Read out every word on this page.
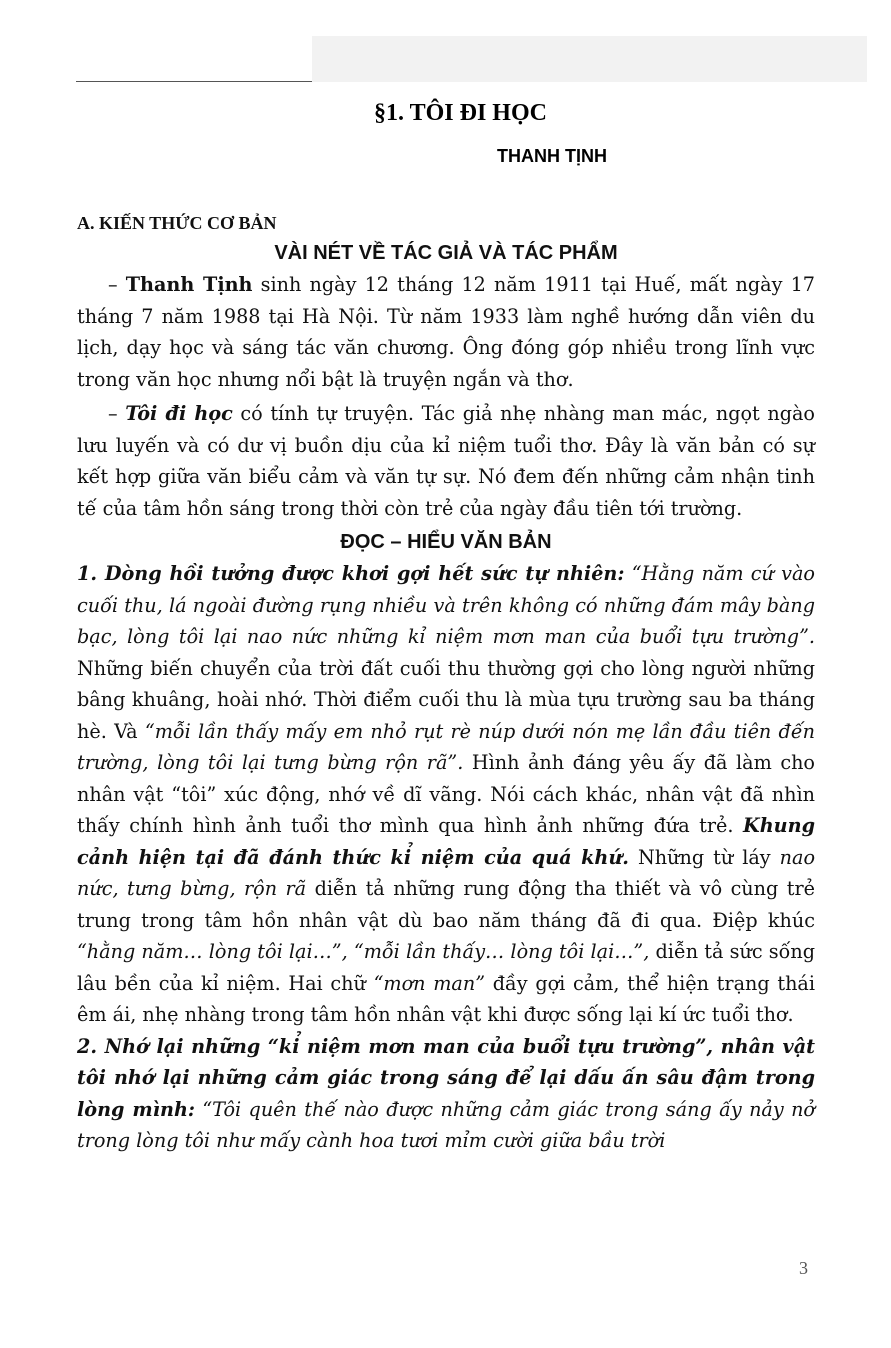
§1. TÔI ĐI HỌC
THANH TỊNH
A. KIẾN THỨC CƠ BẢN
VÀI NÉT VỀ TÁC GIẢ VÀ TÁC PHẨM

– Thanh Tịnh sinh ngày 12 tháng 12 năm 1911 tại Huế, mất ngày 17 tháng 7 năm 1988 tại Hà Nội. Từ năm 1933 làm nghề hướng dẫn viên du lịch, dạy học và sáng tác văn chương. Ông đóng góp nhiều trong lĩnh vực trong văn học nhưng nổi bật là truyện ngắn và thơ.

– Tôi đi học có tính tự truyện. Tác giả nhẹ nhàng man mác, ngọt ngào lưu luyến và có dư vị buồn dịu của kỉ niệm tuổi thơ. Đây là văn bản có sự kết hợp giữa văn biểu cảm và văn tự sự. Nó đem đến những cảm nhận tinh tế của tâm hồn sáng trong thời còn trẻ của ngày đầu tiên tới trường.

ĐỌC – HIỂU VĂN BẢN

1. Dòng hồi tưởng được khơi gợi hết sức tự nhiên: “Hằng năm cứ vào cuối thu, lá ngoài đường rụng nhiều và trên không có những đám mây bàng bạc, lòng tôi lại nao nức những kỉ niệm mơn man của buổi tựu trường”. Những biến chuyển của trời đất cuối thu thường gợi cho lòng người những bâng khuâng, hoài nhớ. Thời điểm cuối thu là mùa tựu trường sau ba tháng hè. Và “mỗi lần thấy mấy em nhỏ rụt rè núp dưới nón mẹ lần đầu tiên đến trường, lòng tôi lại tưng bừng rộn rã”. Hình ảnh đáng yêu ấy đã làm cho nhân vật “tôi” xúc động, nhớ về dĩ vãng. Nói cách khác, nhân vật đã nhìn thấy chính hình ảnh tuổi thơ mình qua hình ảnh những đứa trẻ. Khung cảnh hiện tại đã đánh thức kỉ niệm của quá khứ. Những từ láy nao nức, tưng bừng, rộn rã diễn tả những rung động tha thiết và vô cùng trẻ trung trong tâm hồn nhân vật dù bao năm tháng đã đi qua. Điệp khúc “hằng năm… lòng tôi lại…”, “mỗi lần thấy… lòng tôi lại…”, diễn tả sức sống lâu bền của kỉ niệm. Hai chữ “mơn man” đầy gợi cảm, thể hiện trạng thái êm ái, nhẹ nhàng trong tâm hồn nhân vật khi được sống lại kí ức tuổi thơ.

2. Nhớ lại những “kỉ niệm mơn man của buổi tựu trường”, nhân vật tôi nhớ lại những cảm giác trong sáng để lại dấu ấn sâu đậm trong lòng mình: “Tôi quên thế nào được những cảm giác trong sáng ấy nảy nở trong lòng tôi như mấy cành hoa tươi mỉm cười giữa bầu trời

3
